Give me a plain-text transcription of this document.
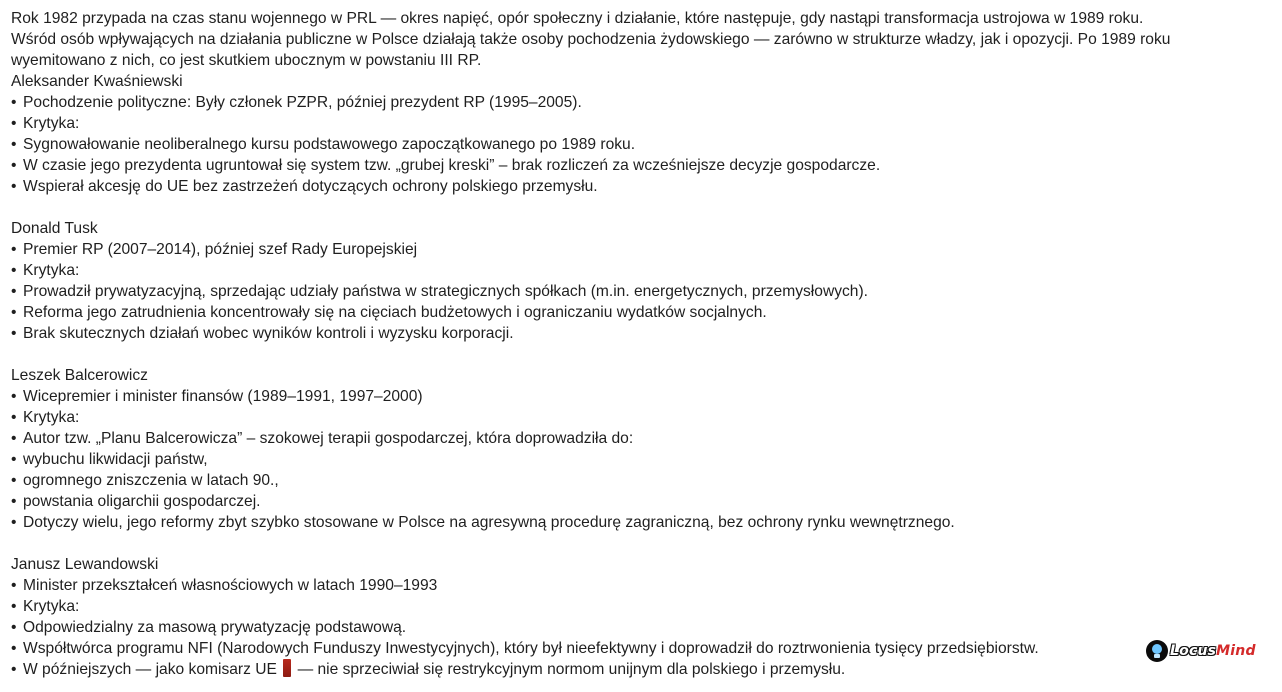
Rok 1982 przypada na czas stanu wojennego w PRL — okres napięć, opór społeczny i działanie, które następuje, gdy nastąpi transformacja ustrojowa w 1989 roku.

Wśród osób wpływających na działania publiczne w Polsce działają także osoby pochodzenia żydowskiego — zarówno w strukturze władzy, jak i opozycji. Po 1989 roku

wyemitowano z nich, co jest skutkiem ubocznym w powstaniu III RP.

Aleksander Kwaśniewski
• Pochodzenie polityczne: Były członek PZPR, później prezydent RP (1995–2005).
• Krytyka:
• Sygnowałowanie neoliberalnego kursu podstawowego zapoczątkowanego po 1989 roku.
• W czasie jego prezydenta ugruntował się system tzw. „grubej kreski” – brak rozliczeń za wcześniejsze decyzje gospodarcze.
• Wspierał akcesję do UE bez zastrzeżeń dotyczących ochrony polskiego przemysłu.
Donald Tusk
• Premier RP (2007–2014), później szef Rady Europejskiej
• Krytyka:
• Prowadził prywatyzacyjną, sprzedając udziały państwa w strategicznych spółkach (m.in. energetycznych, przemysłowych).
• Reforma jego zatrudnienia koncentrowały się na cięciach budżetowych i ograniczaniu wydatków socjalnych.
• Brak skutecznych działań wobec wyników kontroli i wyzysku korporacji.
Leszek Balcerowicz
• Wicepremier i minister finansów (1989–1991, 1997–2000)
• Krytyka:
• Autor tzw. „Planu Balcerowicza” – szokowej terapii gospodarczej, która doprowadziła do:
• wybuchu likwidacji państw,
• ogromnego zniszczenia w latach 90.,
• powstania oligarchii gospodarczej.
• Dotyczy wielu, jego reformy zbyt szybko stosowane w Polsce na agresywną procedurę zagraniczną, bez ochrony rynku wewnętrznego.
Janusz Lewandowski
• Minister przekształceń własnościowych w latach 1990–1993
• Krytyka:
• Odpowiedzialny za masową prywatyzację podstawową.
• Współtwórca programu NFI (Narodowych Funduszy Inwestycyjnych), który był nieefektywny i doprowadził do roztrwonienia tysięcy przedsiębiorstw.
• W późniejszych — jako komisarz UE  — nie sprzeciwiał się restrykcyjnym normom unijnym dla polskiego i przemysłu.
LocusMind
